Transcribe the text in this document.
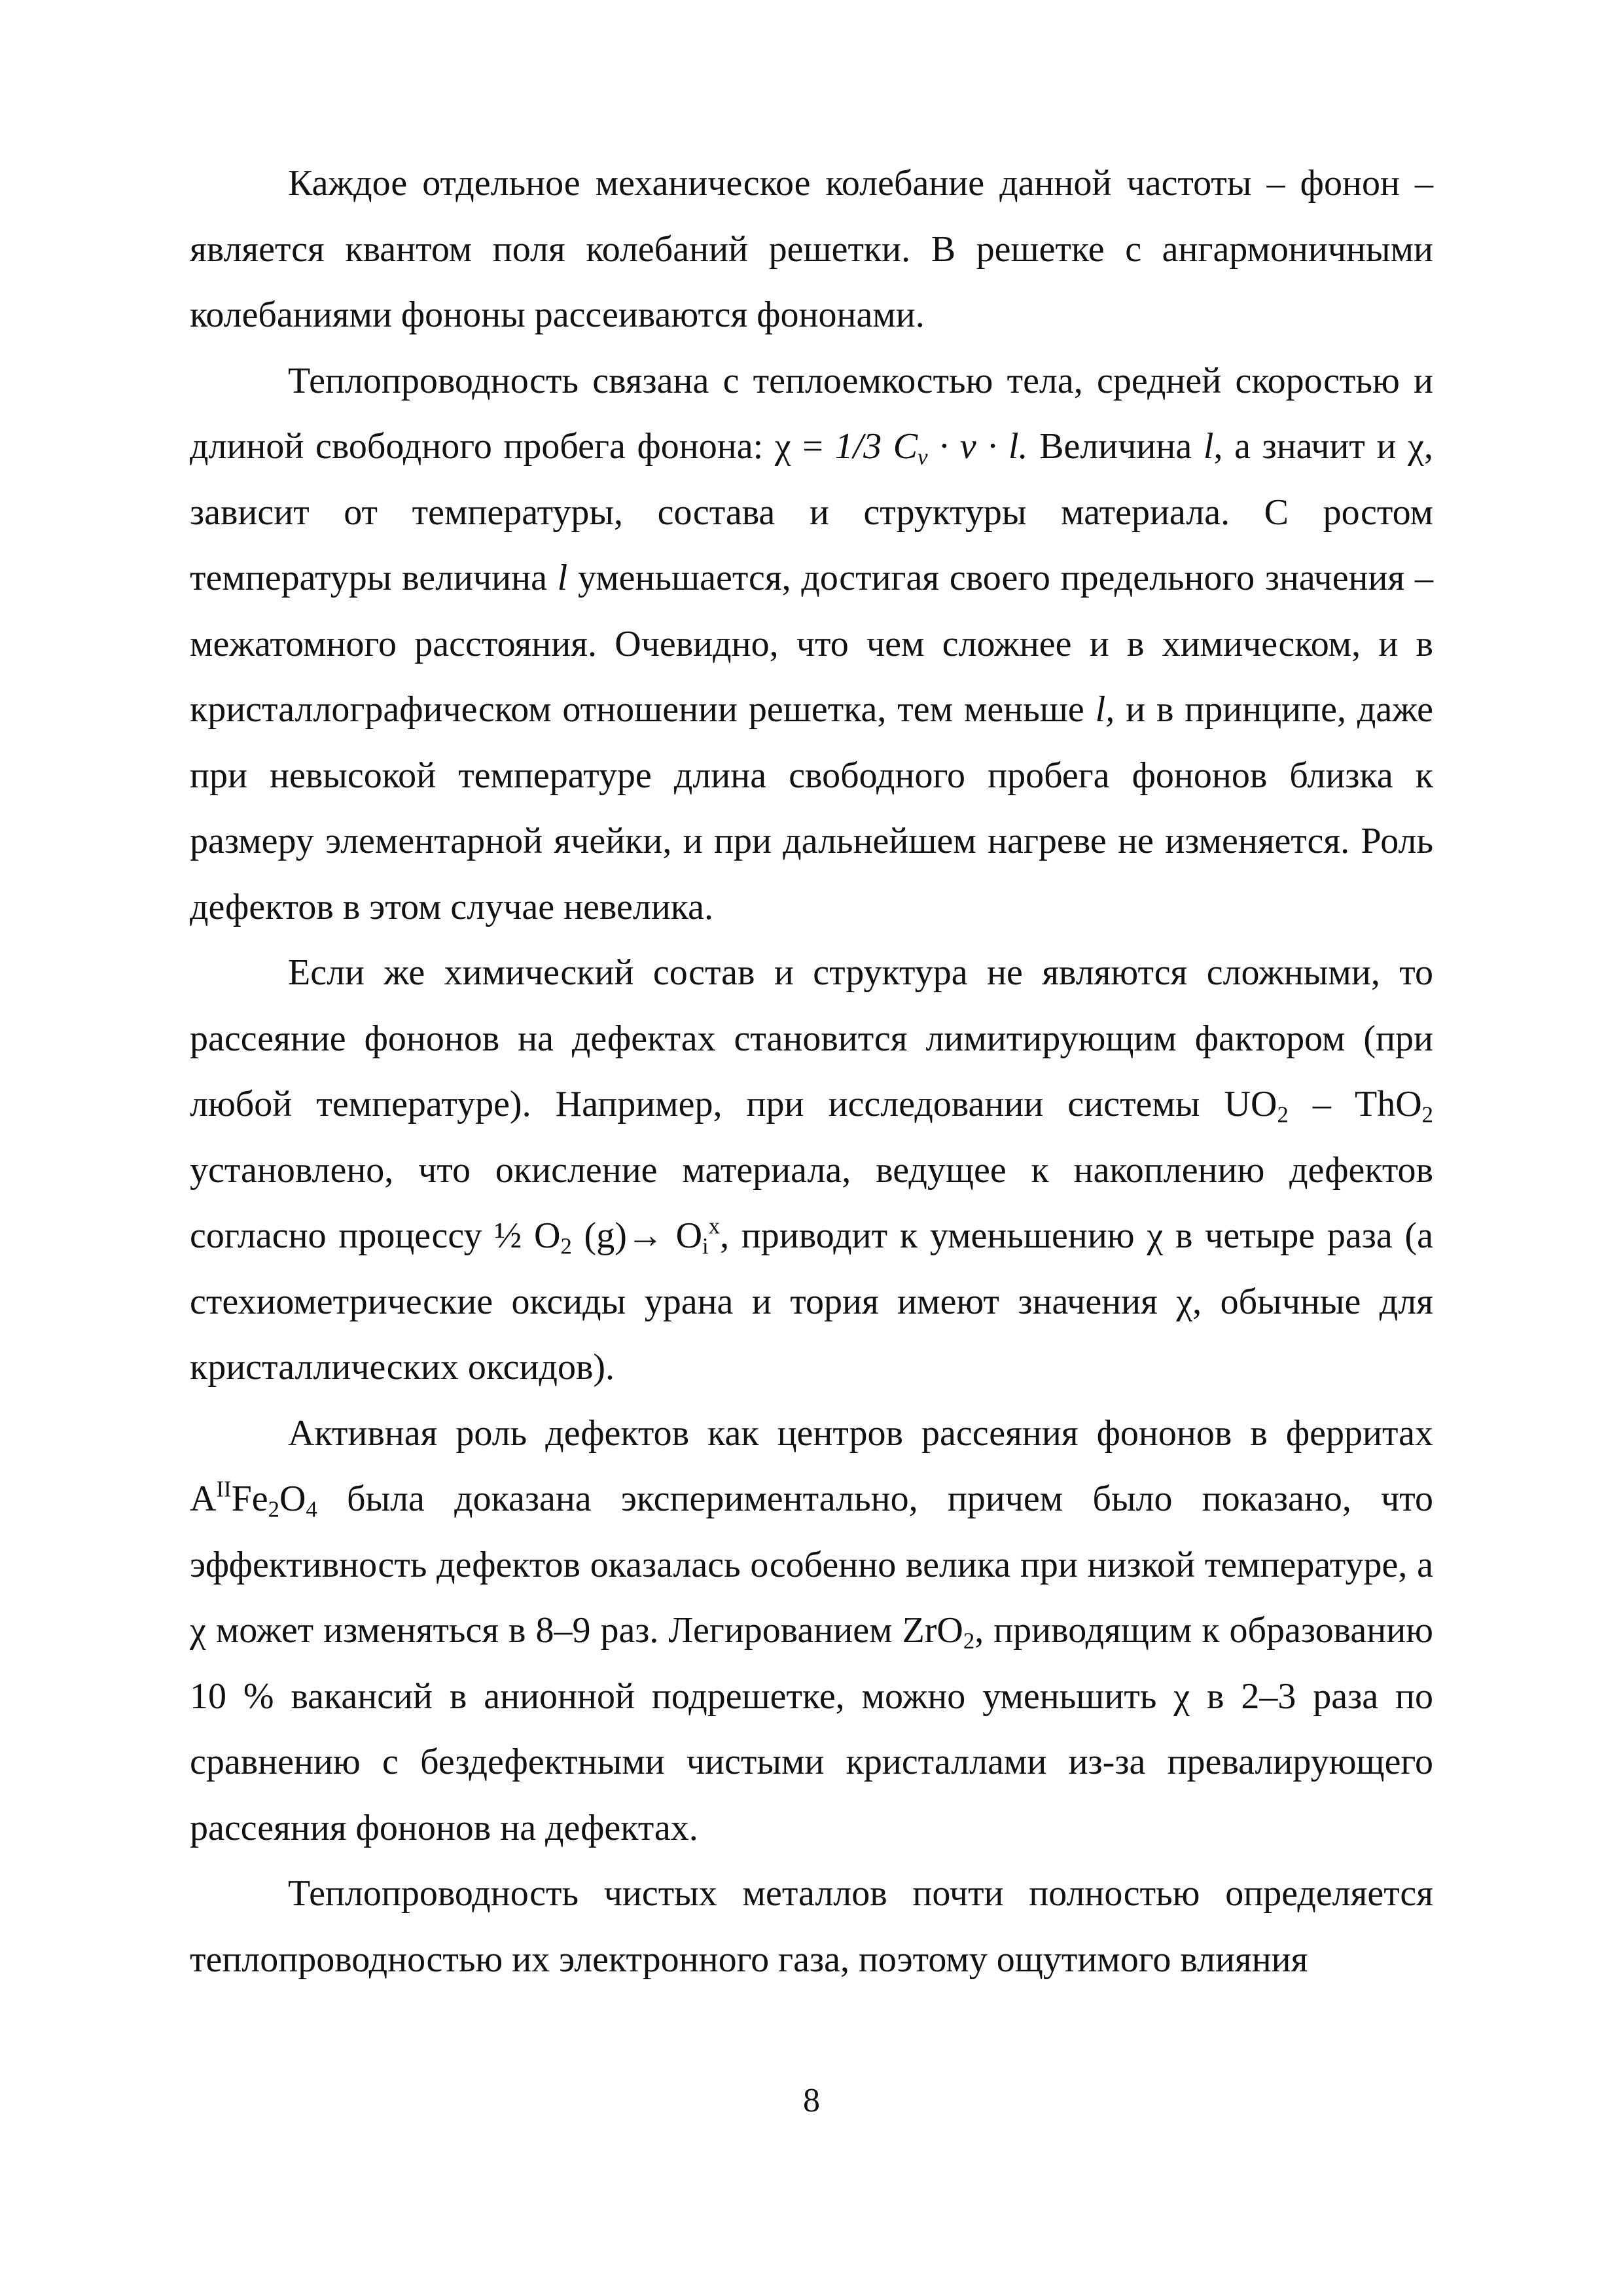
Каждое отдельное механическое колебание данной частоты – фонон – является квантом поля колебаний решетки. В решетке с ангармоничными колебаниями фононы рассеиваются фононами.

Теплопроводность связана с теплоемкостью тела, средней скоростью и длиной свободного пробега фонона: χ = 1/3 $C_v \cdot v \cdot l$. Величина l, а значит и χ, зависит от температуры, состава и структуры материала. С ростом температуры величина l уменьшается, достигая своего предельного значения – межатомного расстояния. Очевидно, что чем сложнее и в химическом, и в кристаллографическом отношении решетка, тем меньше l, и в принципе, даже при невысокой температуре длина свободного пробега фононов близка к размеру элементарной ячейки, и при дальнейшем нагреве не изменяется. Роль дефектов в этом случае невелика.

Если же химический состав и структура не являются сложными, то рассеяние фононов на дефектах становится лимитирующим фактором (при любой температуре). Например, при исследовании системы $UO_2 - ThO_2$ установлено, что окисление материала, ведущее к накоплению дефектов согласно процессу ½ $O_2$ $(g)\to O_i^x$, приводит к уменьшению χ в четыре раза (а стехиометрические оксиды урана и тория имеют значения χ, обычные для кристаллических оксидов).

Активная роль дефектов как центров рассеяния фононов в ферритах $A^{II}Fe_2O_4$ была доказана экспериментально, причем было показано, что эффективность дефектов оказалась особенно велика при низкой температуре, а χ может изменяться в 8–9 раз. Легированием ZrO$_2$, приводящим к образованию 10 % вакансий в анионной подрешетке, можно уменьшить χ в 2–3 раза по сравнению с бездефектными чистыми кристаллами из-за превалирующего рассеяния фононов на дефектах.

Теплопроводность чистых металлов почти полностью определяется теплопроводностью их электронного газа, поэтому ощутимого влияния

8
